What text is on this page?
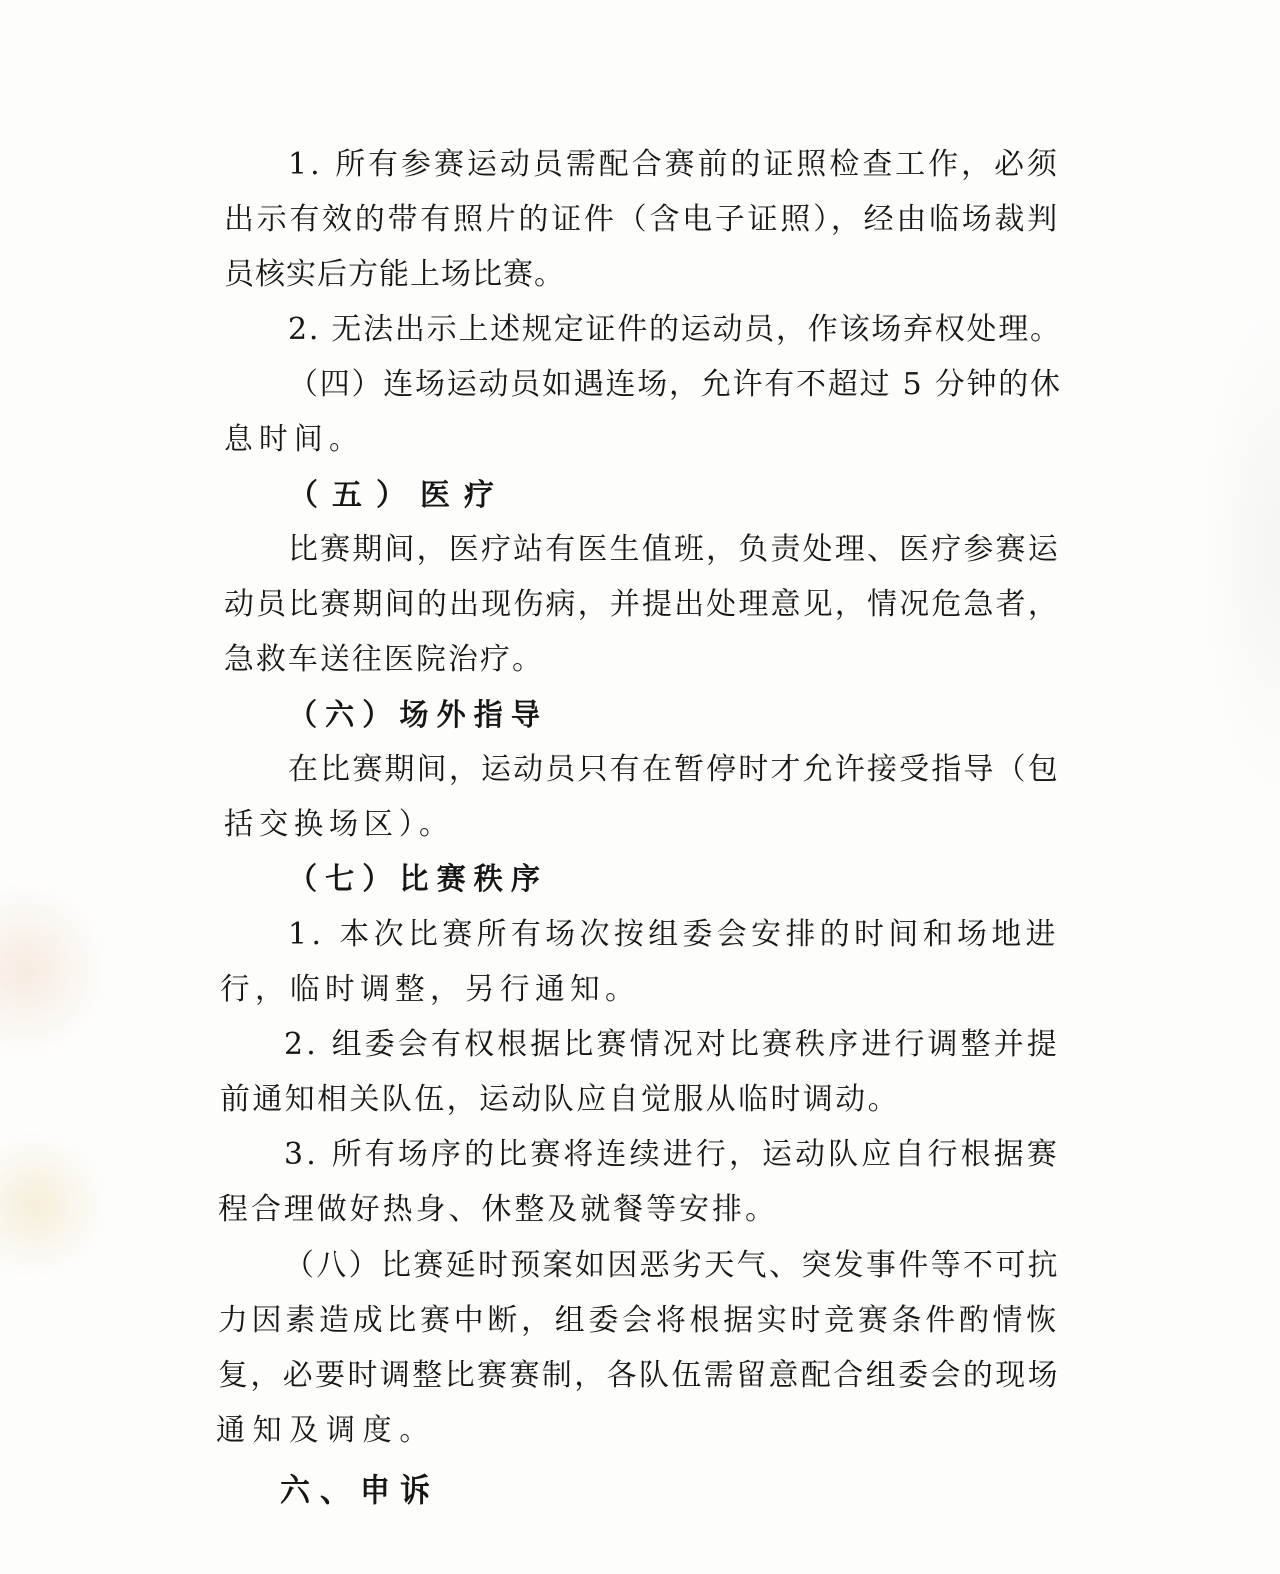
1. 所有参赛运动员需配合赛前的证照检查工作，必须

出示有效的带有照片的证件（含电子证照），经由临场裁判

员核实后方能上场比赛。

2. 无法出示上述规定证件的运动员，作该场弃权处理。

（四）连场运动员如遇连场，允许有不超过 5 分钟的休

息时间。

（五）医疗

比赛期间，医疗站有医生值班，负责处理、医疗参赛运

动员比赛期间的出现伤病，并提出处理意见，情况危急者，

急救车送往医院治疗。

（六）场外指导

在比赛期间，运动员只有在暂停时才允许接受指导（包

括交换场区）。

（七）比赛秩序

1. 本次比赛所有场次按组委会安排的时间和场地进

行，临时调整，另行通知。

2. 组委会有权根据比赛情况对比赛秩序进行调整并提

前通知相关队伍，运动队应自觉服从临时调动。

3. 所有场序的比赛将连续进行，运动队应自行根据赛

程合理做好热身、休整及就餐等安排。

（八）比赛延时预案如因恶劣天气、突发事件等不可抗

力因素造成比赛中断，组委会将根据实时竞赛条件酌情恢

复，必要时调整比赛赛制，各队伍需留意配合组委会的现场

通知及调度。

六、申诉
